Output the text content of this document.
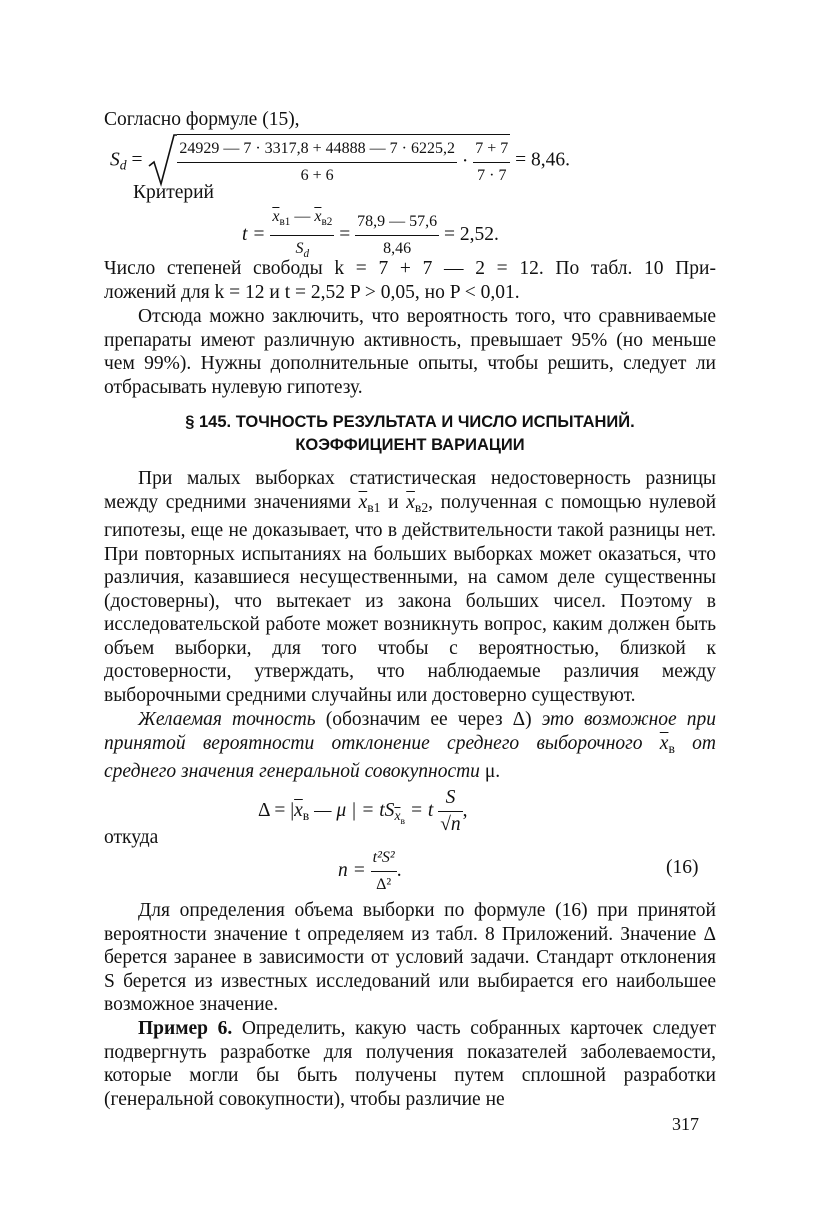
Согласно формуле (15),
$S_d = \frac{24929 — 7 \cdot 3317,8 + 44888 — 7 \cdot 6225,2}{6 + 6} \cdot \frac{7 + 7}{7 \cdot 7} = 8,46$.
Критерий
$t = \frac{\overline{x}_{в1} — \overline{x}_{в2}}{S_d} = \frac{78,9 — 57,6}{8,46} = 2,52$.
Число степеней свободы k = 7 + 7 — 2 = 12. По табл. 10 При-
ложений для k = 12 и t = 2,52 P > 0,05, но P < 0,01.
Отсюда можно заключить, что вероятность того, что сравниваемые препараты имеют различную активность, превышает 95% (но меньше чем 99%). Нужны дополнительные опыты, чтобы решить, следует ли отбрасывать нулевую гипотезу.
§ 145. ТОЧНОСТЬ РЕЗУЛЬТАТА И ЧИСЛО ИСПЫТАНИЙ.
КОЭФФИЦИЕНТ ВАРИАЦИИ
При малых выборках статистическая недостоверность разницы между средними значениями $\overline{x}_{в1}$ и $\overline{x}_{в2}$, полученная с помощью нулевой гипотезы, еще не доказывает, что в действительности такой разницы нет. При повторных испытаниях на больших выборках может оказаться, что различия, казавшиеся несущественными, на самом деле существенны (достоверны), что вытекает из закона больших чисел. Поэтому в исследовательской работе может возникнуть вопрос, каким должен быть объем выборки, для того чтобы с вероятностью, близкой к достоверности, утверждать, что наблюдаемые различия между выборочными средними случайны или достоверно существуют.
Желаемая точность (обозначим ее через Δ) это возможное при принятой вероятности отклонение среднего выборочного $\overline{x}_в$ от среднего значения генеральной совокупности μ.
$\Delta = |\overline{x}_в$ — μ | = $tS_{\overline{x}_в} = t \frac{S}{√n}$ ,
откуда
$n = \frac{\text{t²S²}}{\text{Δ²}}$ .	(16)
Для определения объема выборки по формуле (16) при принятой вероятности значение t определяем из табл. 8 Приложений. Значение Δ берется заранее в зависимости от условий задачи. Стандарт отклонения S берется из известных исследований или выбирается его наибольшее возможное значение.
Пример 6. Определить, какую часть собранных карточек следует подвергнуть разработке для получения показателей заболеваемости, которые могли бы быть получены путем сплошной разработки (генеральной совокупности), чтобы различие не
317
